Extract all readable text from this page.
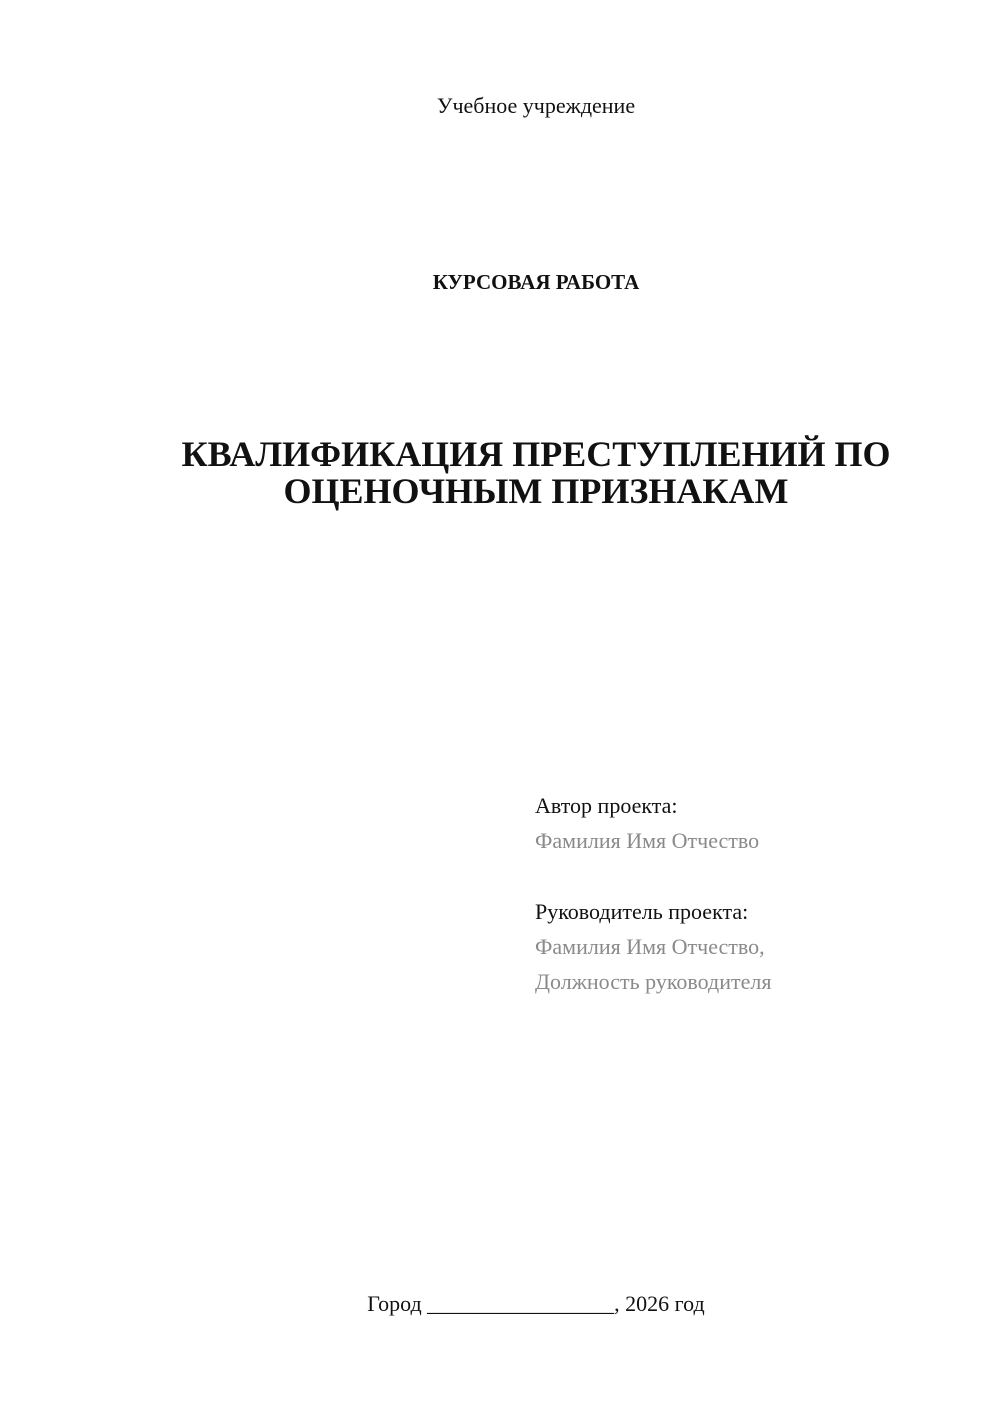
Учебное учреждение
КУРСОВАЯ РАБОТА
КВАЛИФИКАЦИЯ ПРЕСТУПЛЕНИЙ ПО
ОЦЕНОЧНЫМ ПРИЗНАКАМ
Автор проекта:
Фамилия Имя Отчество
Руководитель проекта:
Фамилия Имя Отчество,
Должность руководителя
Город _________________, 2026 год
